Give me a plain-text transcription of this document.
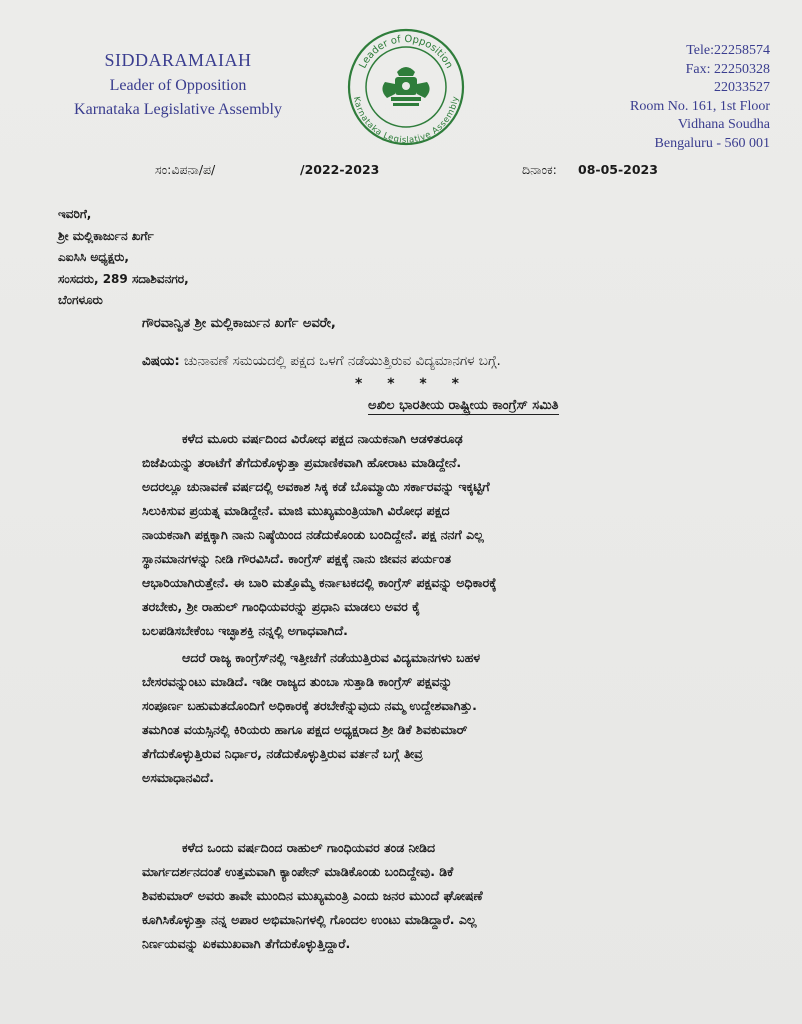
SIDDARAMAIAH
Leader of Opposition
Karnataka Legislative Assembly
Leader of Opposition
Karnataka Legislative Assembly
Tele:22258574
Fax: 22250328
22033527
Room No. 161, 1st Floor
Vidhana Soudha
Bengaluru - 560 001
ಸಂ:ವಿಪನಾ/ಪ/	/2022-2023	ದಿನಾಂಕ: 08-05-2023
ಇವರಿಗೆ,
ಶ್ರೀ ಮಲ್ಲಿಕಾರ್ಜುನ ಖರ್ಗೆ
ಎಐಸಿಸಿ ಅಧ್ಯಕ್ಷರು,
ಸಂಸದರು, 289 ಸದಾಶಿವನಗರ,
ಬೆಂಗಳೂರು
ಗೌರವಾನ್ವಿತ ಶ್ರೀ ಮಲ್ಲಿಕಾರ್ಜುನ ಖರ್ಗೆ ಅವರೇ,
ವಿಷಯ: ಚುನಾವಣೆ ಸಮಯದಲ್ಲಿ ಪಕ್ಷದ ಒಳಗೆ ನಡೆಯುತ್ತಿರುವ ವಿದ್ಯಮಾನಗಳ ಬಗ್ಗೆ.
* * * *
ಅಖಿಲ ಭಾರತೀಯ ರಾಷ್ಟ್ರೀಯ ಕಾಂಗ್ರೆಸ್ ಸಮಿತಿ
ಕಳೆದ ಮೂರು ವರ್ಷದಿಂದ ವಿರೋಧ ಪಕ್ಷದ ನಾಯಕನಾಗಿ ಆಡಳಿತರೂಢ
ಬಿಜೆಪಿಯನ್ನು ತರಾಟೆಗೆ ತೆಗೆದುಕೊಳ್ಳುತ್ತಾ ಪ್ರಮಾಣಿಕವಾಗಿ ಹೋರಾಟ ಮಾಡಿದ್ದೇನೆ.
ಅದರಲ್ಲೂ ಚುನಾವಣೆ ವರ್ಷದಲ್ಲಿ ಅವಕಾಶ ಸಿಕ್ಕ ಕಡೆ ಬೊಮ್ಮಾಯಿ ಸರ್ಕಾರವನ್ನು ಇಕ್ಕಟ್ಟಿಗೆ
ಸಿಲುಕಿಸುವ ಪ್ರಯತ್ನ ಮಾಡಿದ್ದೇನೆ. ಮಾಜಿ ಮುಖ್ಯಮಂತ್ರಿಯಾಗಿ ವಿರೋಧ ಪಕ್ಷದ
ನಾಯಕನಾಗಿ ಪಕ್ಷಕ್ಕಾಗಿ ನಾನು ನಿಷ್ಠೆಯಿಂದ ನಡೆದುಕೊಂಡು ಬಂದಿದ್ದೇನೆ. ಪಕ್ಷ ನನಗೆ ಎಲ್ಲ
ಸ್ಥಾನಮಾನಗಳನ್ನು ನೀಡಿ ಗೌರವಿಸಿದೆ. ಕಾಂಗ್ರೆಸ್ ಪಕ್ಷಕ್ಕೆ ನಾನು ಜೀವನ ಪರ್ಯಂತ
ಆಭಾರಿಯಾಗಿರುತ್ತೇನೆ. ಈ ಬಾರಿ ಮತ್ತೊಮ್ಮೆ ಕರ್ನಾಟಕದಲ್ಲಿ ಕಾಂಗ್ರೆಸ್ ಪಕ್ಷವನ್ನು ಅಧಿಕಾರಕ್ಕೆ
ತರಬೇಕು, ಶ್ರೀ ರಾಹುಲ್ ಗಾಂಧಿಯವರನ್ನು ಪ್ರಧಾನಿ ಮಾಡಲು ಅವರ ಕೈ
ಬಲಪಡಿಸಬೇಕೆಂಬ ಇಚ್ಛಾಶಕ್ತಿ ನನ್ನಲ್ಲಿ ಅಗಾಧವಾಗಿದೆ.
ಆದರೆ ರಾಜ್ಯ ಕಾಂಗ್ರೆಸ್‌ನಲ್ಲಿ ಇತ್ತೀಚೆಗೆ ನಡೆಯುತ್ತಿರುವ ವಿದ್ಯಮಾನಗಳು ಬಹಳ
ಬೇಸರವನ್ನುಂಟು ಮಾಡಿದೆ. ಇಡೀ ರಾಜ್ಯದ ತುಂಬಾ ಸುತ್ತಾಡಿ ಕಾಂಗ್ರೆಸ್ ಪಕ್ಷವನ್ನು
ಸಂಪೂರ್ಣ ಬಹುಮತದೊಂದಿಗೆ ಅಧಿಕಾರಕ್ಕೆ ತರಬೇಕೆನ್ನುವುದು ನಮ್ಮ ಉದ್ದೇಶವಾಗಿತ್ತು.
ತಮಗಿಂತ ವಯಸ್ಸಿನಲ್ಲಿ ಕಿರಿಯರು ಹಾಗೂ ಪಕ್ಷದ ಅಧ್ಯಕ್ಷರಾದ ಶ್ರೀ ಡಿಕೆ ಶಿವಕುಮಾರ್
ತೆಗೆದುಕೊಳ್ಳುತ್ತಿರುವ ನಿರ್ಧಾರ, ನಡೆದುಕೊಳ್ಳುತ್ತಿರುವ ವರ್ತನೆ ಬಗ್ಗೆ ತೀವ್ರ
ಅಸಮಾಧಾನವಿದೆ.
ಕಳೆದ ಒಂದು ವರ್ಷದಿಂದ ರಾಹುಲ್ ಗಾಂಧಿಯವರ ತಂಡ ನೀಡಿದ
ಮಾರ್ಗದರ್ಶನದಂತೆ ಉತ್ತಮವಾಗಿ ಕ್ಯಾಂಪೇನ್ ಮಾಡಿಕೊಂಡು ಬಂದಿದ್ದೇವು. ಡಿಕೆ
ಶಿವಕುಮಾರ್ ಅವರು ತಾವೇ ಮುಂದಿನ ಮುಖ್ಯಮಂತ್ರಿ ಎಂದು ಜನರ ಮುಂದೆ ಘೋಷಣೆ
ಕೂಗಿಸಿಕೊಳ್ಳುತ್ತಾ ನನ್ನ ಅಪಾರ ಅಭಿಮಾನಿಗಳಲ್ಲಿ ಗೊಂದಲ ಉಂಟು ಮಾಡಿದ್ದಾರೆ. ಎಲ್ಲ
ನಿರ್ಣಯವನ್ನು ಏಕಮುಖವಾಗಿ ತೆಗೆದುಕೊಳ್ಳುತ್ತಿದ್ದಾರೆ.
